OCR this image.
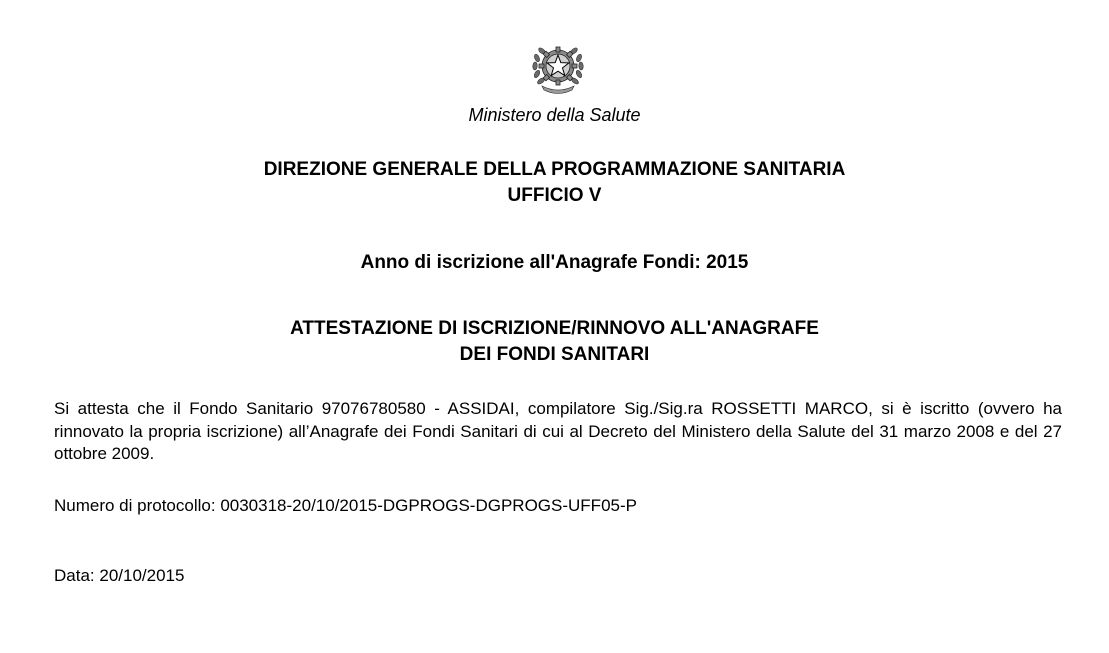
Ministero della Salute
DIREZIONE GENERALE DELLA PROGRAMMAZIONE SANITARIA
UFFICIO V
Anno di iscrizione all'Anagrafe Fondi: 2015
ATTESTAZIONE DI ISCRIZIONE/RINNOVO ALL'ANAGRAFE
DEI FONDI SANITARI
Si attesta che il Fondo Sanitario 97076780580 - ASSIDAI, compilatore Sig./Sig.ra ROSSETTI MARCO, si è iscritto (ovvero ha rinnovato la propria iscrizione) all’Anagrafe dei Fondi Sanitari di cui al Decreto del Ministero della Salute del 31 marzo 2008 e del 27 ottobre 2009.
Numero di protocollo: 0030318-20/10/2015-DGPROGS-DGPROGS-UFF05-P
Data: 20/10/2015
